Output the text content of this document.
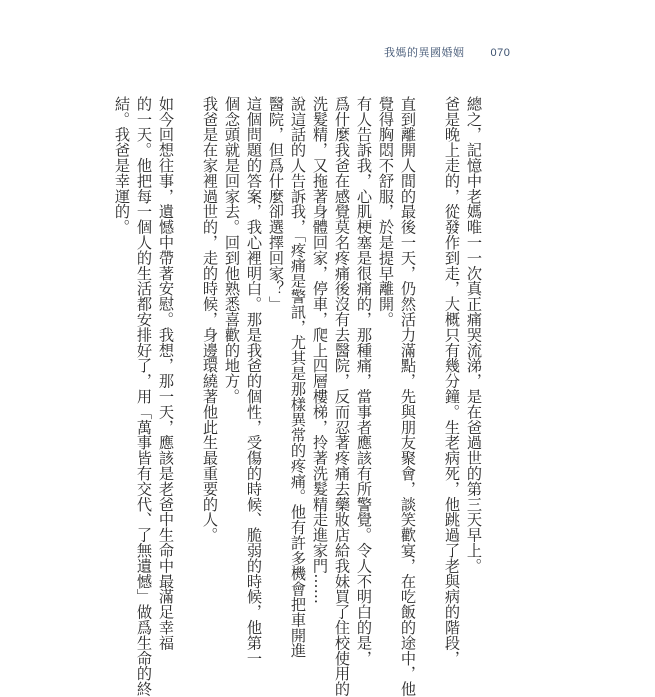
我媽的異國婚姻 070

總之，記憶中老媽唯一一次真正痛哭流涕，是在爸過世的第三天早上。

爸是晚上走的，從發作到走，大概只有幾分鐘。生老病死，他跳過了老與病的階段，

直到離開人間的最後一天，仍然活力滿點，先與朋友聚會，談笑歡宴，在吃飯的途中，他

覺得胸悶不舒服，於是提早離開。

有人告訴我，心肌梗塞是很痛的，那種痛，當事者應該有所警覺。令人不明白的是，

爲什麼我爸在感覺莫名疼痛後沒有去醫院，反而忍著疼痛去藥妝店給我妹買了住校使用的

洗髮精，又拖著身體回家，停車，爬上四層樓梯，拎著洗髮精走進家門……

說這話的人告訴我，「疼痛是警訊，尤其是那樣異常的疼痛。他有許多機會把車開進

醫院，但爲什麼卻選擇回家？」

這個問題的答案，我心裡明白。那是我爸的個性，受傷的時候、脆弱的時候，他第一

個念頭就是回家去。回到他熟悉喜歡的地方。

我爸是在家裡過世的，走的時候，身邊環繞著他此生最重要的人。

如今回想往事，遺憾中帶著安慰。我想，那一天，應該是老爸中生命中最滿足幸福

的一天。他把每一個人的生活都安排好了，用「萬事皆有交代、了無遺憾」做爲生命的終

結。我爸是幸運的。
